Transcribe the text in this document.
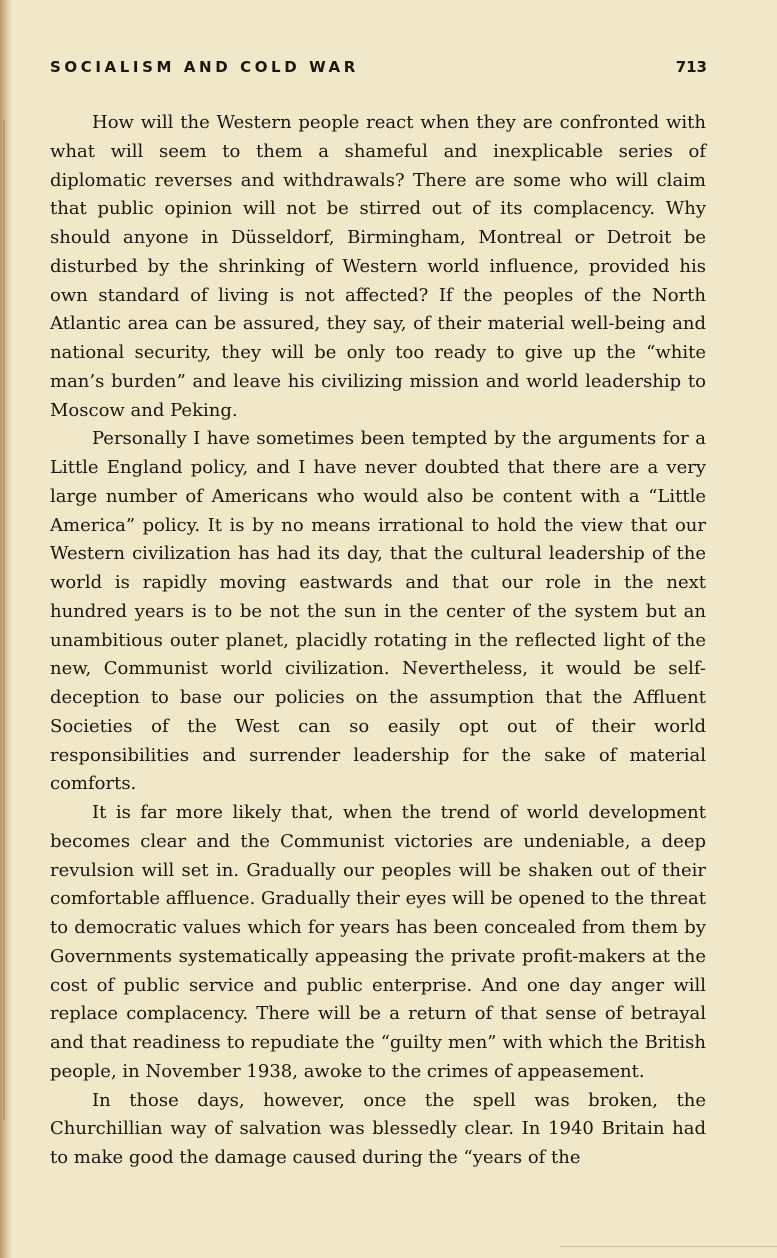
SOCIALISM AND COLD WAR	713

How will the Western people react when they are confronted with what will seem to them a shameful and inexplicable series of diplomatic reverses and withdrawals? There are some who will claim that public opinion will not be stirred out of its complacency. Why should anyone in Düsseldorf, Birmingham, Montreal or Detroit be disturbed by the shrinking of Western world influence, provided his own standard of living is not affected? If the peoples of the North Atlantic area can be assured, they say, of their material well-being and national security, they will be only too ready to give up the “white man’s burden” and leave his civilizing mission and world leadership to Moscow and Peking.

Personally I have sometimes been tempted by the arguments for a Little England policy, and I have never doubted that there are a very large number of Americans who would also be content with a “Little America” policy. It is by no means irrational to hold the view that our Western civilization has had its day, that the cultural leadership of the world is rapidly moving eastwards and that our role in the next hundred years is to be not the sun in the center of the system but an unambitious outer planet, placidly rotating in the reflected light of the new, Communist world civilization. Nevertheless, it would be self-deception to base our policies on the assumption that the Affluent Societies of the West can so easily opt out of their world responsibilities and surrender leadership for the sake of material comforts.

It is far more likely that, when the trend of world development becomes clear and the Communist victories are undeniable, a deep revulsion will set in. Gradually our peoples will be shaken out of their comfortable affluence. Gradually their eyes will be opened to the threat to democratic values which for years has been concealed from them by Governments systematically appeasing the private profit-makers at the cost of public service and public enterprise. And one day anger will replace complacency. There will be a return of that sense of betrayal and that readiness to repudiate the “guilty men” with which the British people, in November 1938, awoke to the crimes of appeasement.

In those days, however, once the spell was broken, the Churchillian way of salvation was blessedly clear. In 1940 Britain had to make good the damage caused during the “years of the
